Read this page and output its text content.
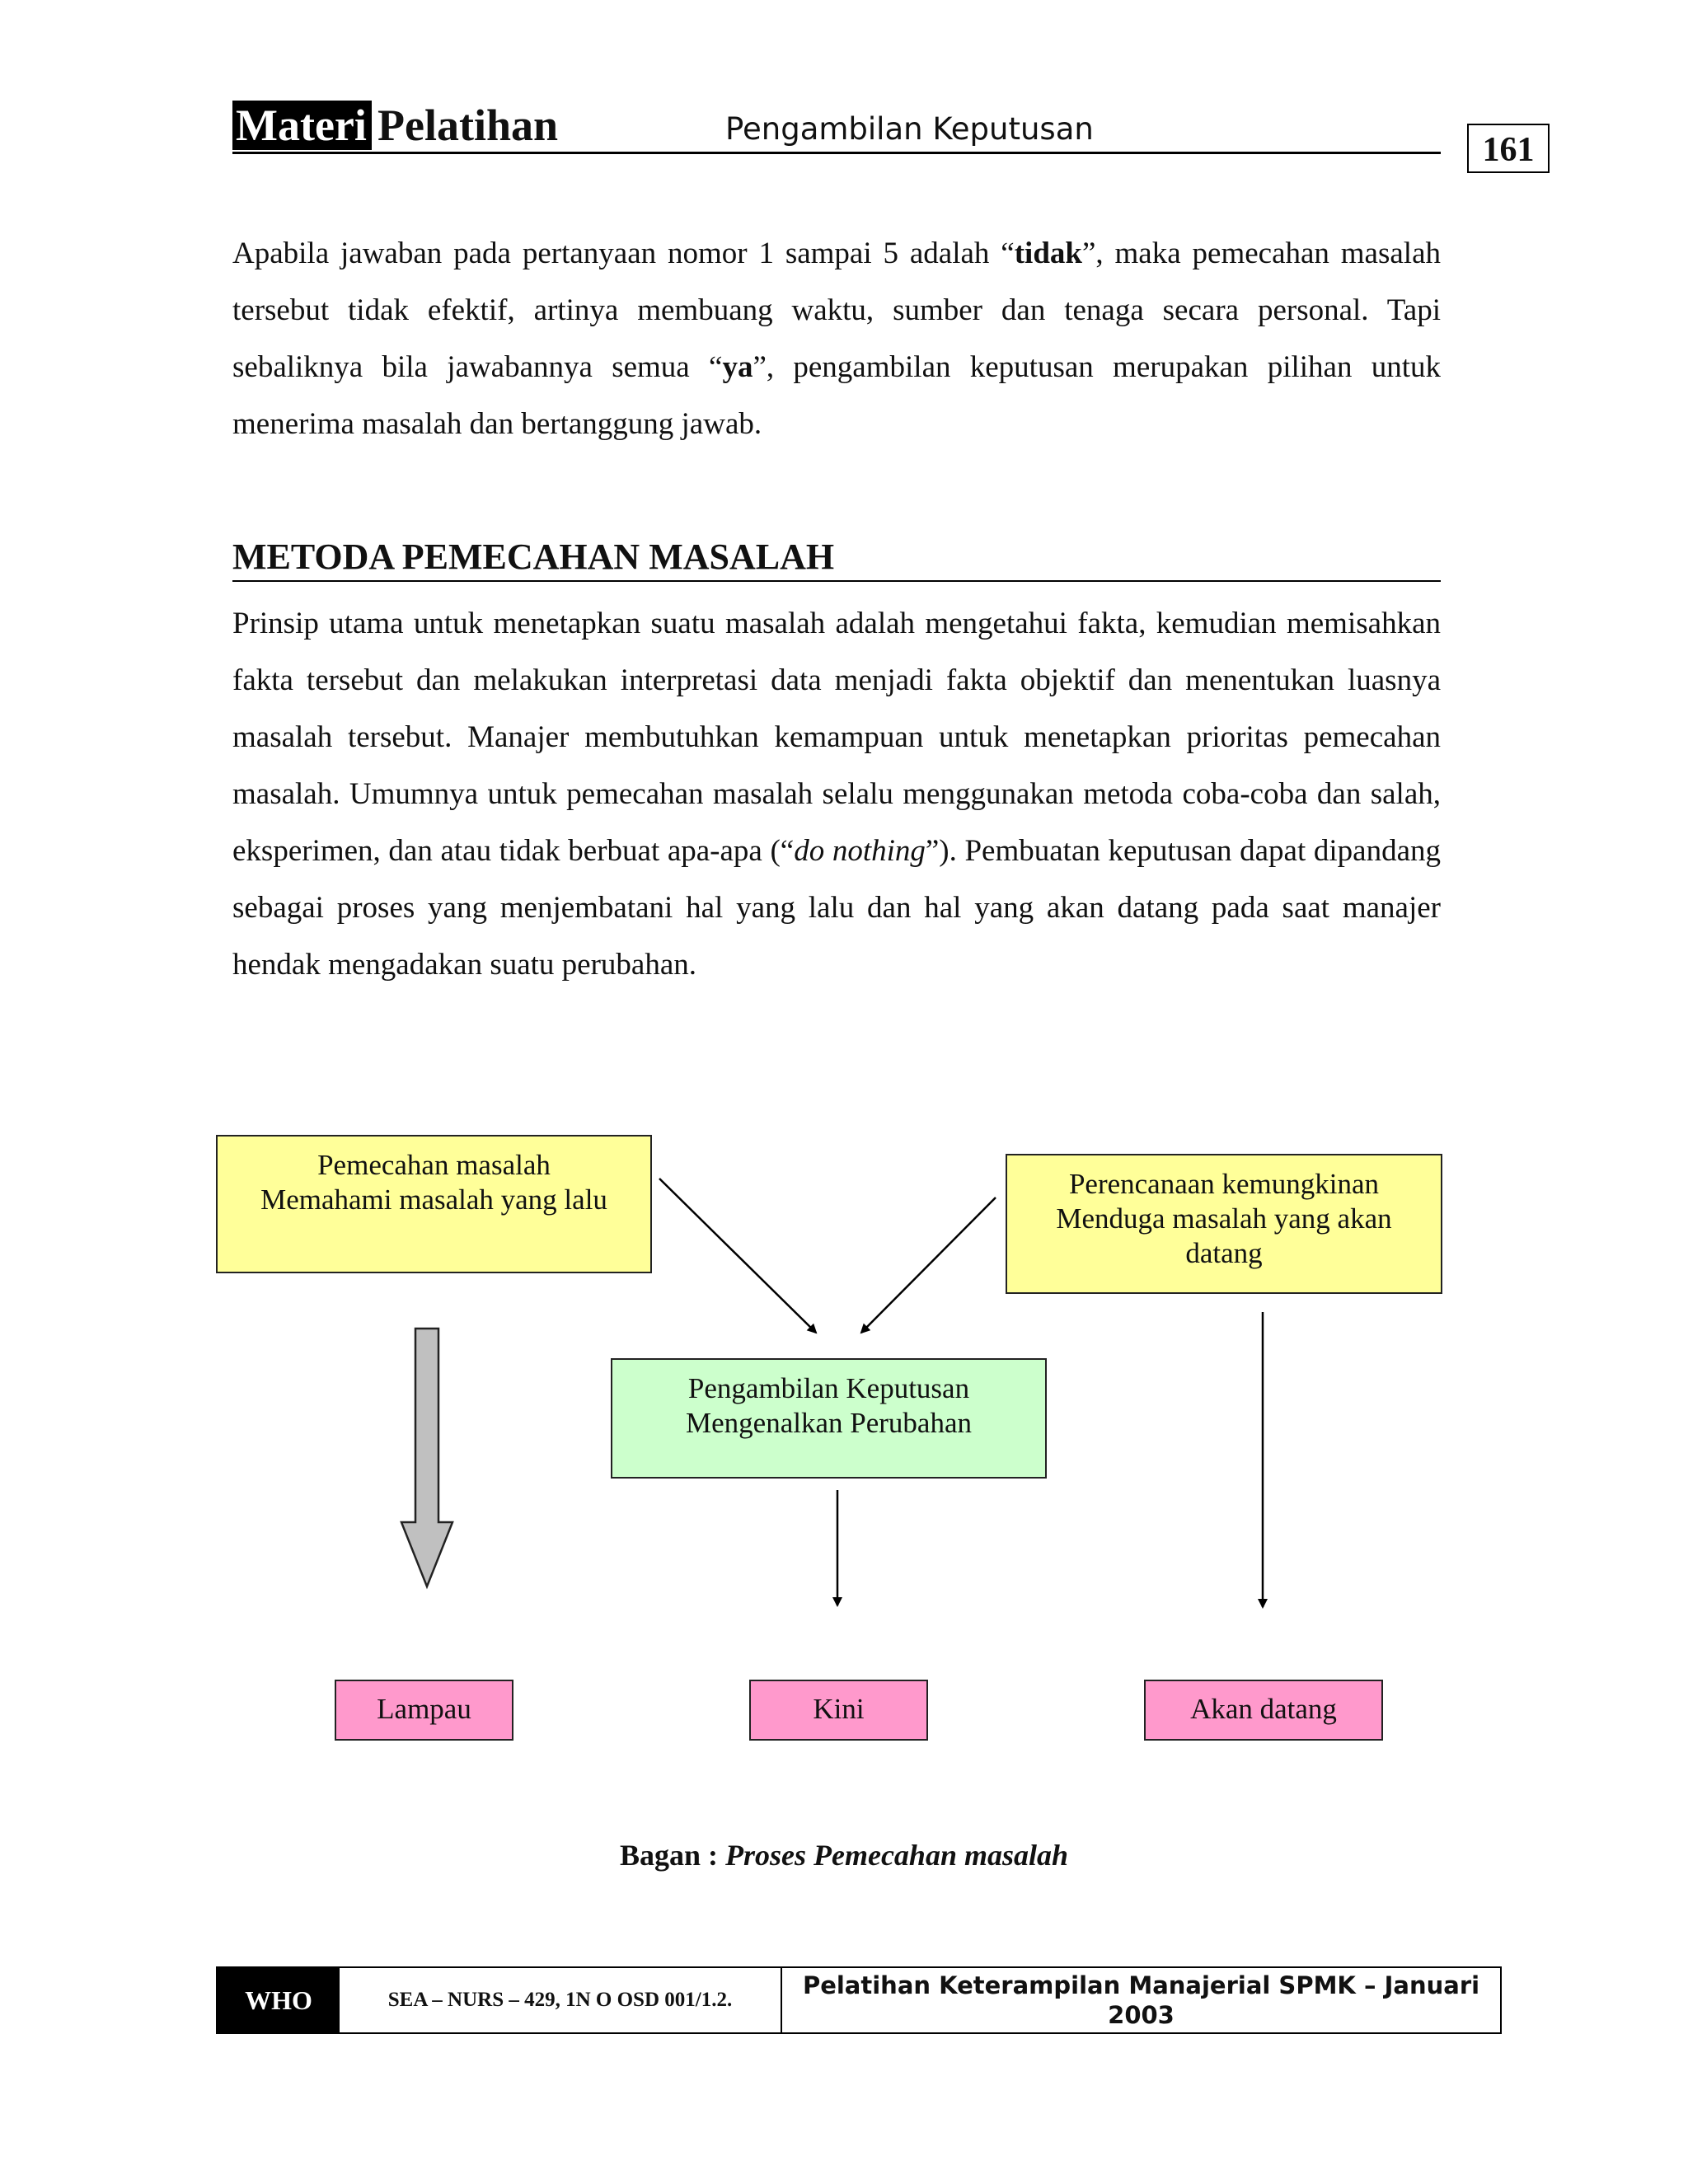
Materi Pelatihan	Pengambilan Keputusan
161
Apabila jawaban pada pertanyaan nomor 1 sampai 5 adalah “tidak”, maka pemecahan masalah tersebut tidak efektif, artinya membuang waktu, sumber dan tenaga secara personal. Tapi sebaliknya bila jawabannya semua “ya”, pengambilan keputusan merupakan pilihan untuk menerima masalah dan bertanggung jawab.
METODA PEMECAHAN MASALAH
Prinsip utama untuk menetapkan suatu masalah adalah mengetahui fakta, kemudian memisahkan fakta tersebut dan melakukan interpretasi data menjadi fakta objektif dan menentukan luasnya masalah tersebut. Manajer membutuhkan kemampuan untuk menetapkan prioritas pemecahan masalah. Umumnya untuk pemecahan masalah selalu menggunakan metoda coba-coba dan salah, eksperimen, dan atau tidak berbuat apa-apa (“do nothing”). Pembuatan keputusan dapat dipandang sebagai proses yang menjembatani hal yang lalu dan hal yang akan datang pada saat manajer hendak mengadakan suatu perubahan.
Pemecahan masalah
Memahami masalah yang lalu	Perencanaan kemungkinan
Menduga masalah yang akan
datang
Pengambilan Keputusan
Mengenalkan Perubahan
Lampau	Kini	Akan datang
Bagan : Proses Pemecahan masalah
WHO	SEA – NURS – 429, 1N O OSD 001/1.2.
Pelatihan Keterampilan Manajerial SPMK – Januari 2003
